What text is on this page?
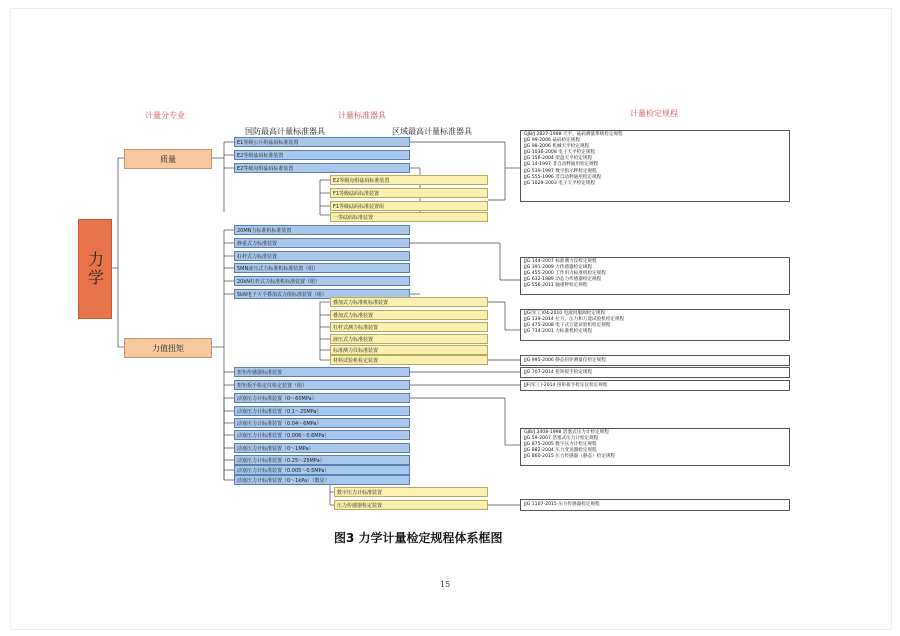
计量分专业	计量标准器具	计量检定规程
国防最高计量标准器具	区域最高计量标准器具
力学
质量
力值扭矩
E1等级公斤组砝码标准装置
E2等级砝码标准装置
E2等级克组砝码标准装置
E2等级克组砝码标准装置
F1等级砝码标准装置
F1等级砝码标准装置组
一等砝码标准装置
20MN力标准机标准装置
静重式力标准装置
杠杆式力标准装置
5MN液压式力标准机标准装置（组）
20kN杠杆式力标准机标准装置（组）
5kN电子天平叠加式力值标准装置（组）
叠加式力标准机标准装置
叠加式力标准装置
杠杆式测力标准装置
液压式力标准装置
标准测力仪标准装置
材料试验机检定装置
扭矩传感器标准装置
扭矩扳手检定仪检定装置（组）
活塞压力计标准装置（0～60MPa）
活塞压力计标准装置（0.1～25MPa）
活塞压力计标准装置（0.04～6MPa）
活塞压力计标准装置（0.006～0.6MPa）
活塞压力计标准装置（0～1MPa）
活塞压力计标准装置（0.25～25MPa）
活塞压力计标准装置（0.005～0.5MPa）
活塞压力计标准装置（0～1kPa）（数显）
数字压力计标准装置
压力传感器检定装置
GJB/J 2827-1998 天平、砝码测量系统检定规程
JJG 99-2006 砝码检定规程
JJG 98-2006 机械天平检定规程
JJG 1036-2008 电子天平检定规程
JJG 156-2004 架盘天平检定规程
JJG 14-1997 非自动秤通用检定规程
JJG 539-1997 数字指示秤检定规程
JJG 555-1996 非自动秤通用检定规程
JJG 1029-2003 电子天平检定规程
JJG 144-2007 标准测力仪检定规程
JJG 391-2009 力传感器检定规程
JJG 455-2000 工作用力标准机检定规程
JJG 632-1989 动态力传感器检定规程
JJG 556-2011 轴重秤检定规程
JJG(军工)04-2010 电液伺服阀检定规程
JJG 139-2014 拉力、压力和万能试验机检定规程
JJG 475-2008 电子式万能试验机检定规程
JJG 734-2001 力标准机检定规程
JJG 995-2006 静态扭矩测量仪检定规程
JJG 707-2014 扭矩扳手检定规程
JJF(军工)-2014 扭矩扳手检定仪检定规程
GJB/J 3408-1998 活塞式压力计检定规程
JJG 59-2007 活塞式压力计检定规程
JJG 875-2005 数字压力计检定规程
JJG 882-2004 压力变送器检定规程
JJG 860-2015 压力传感器（静态）检定规程
JJG 1107-2015 压力传感器检定规程
图3 力学计量检定规程体系框图
15
